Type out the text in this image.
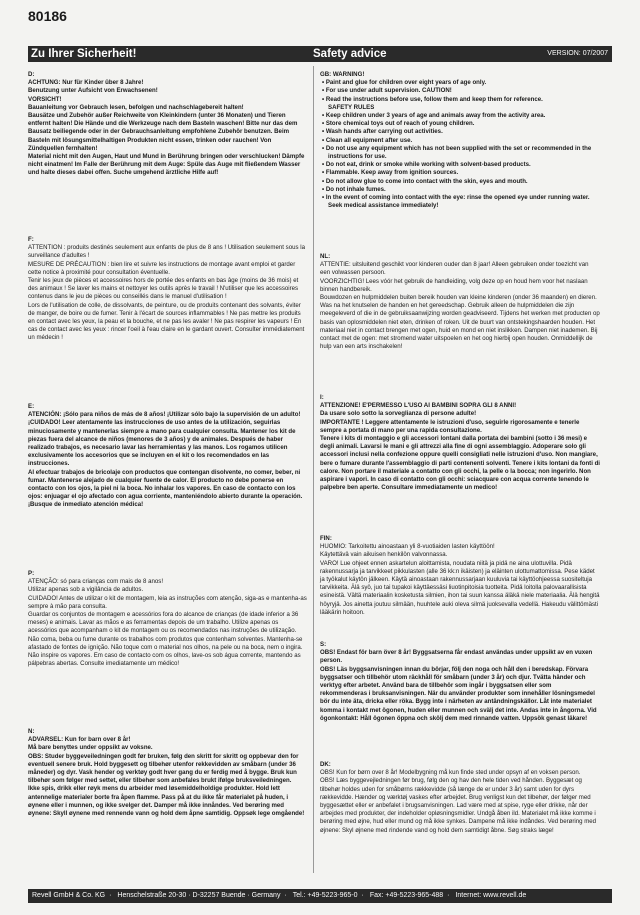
80186
Zu Ihrer Sicherheit!	Safety advice	VERSION: 07/2007

D:

ACHTUNG: Nur für Kinder über 8 Jahre!

Benutzung unter Aufsicht von Erwachsenen!

VORSICHT!

Bauanleitung vor Gebrauch lesen, befolgen und nachschlagebereit halten!

Bausätze und Zubehör außer Reichweite von Kleinkindern (unter 36 Monaten) und Tieren entfernt halten! Die Hände und die Werkzeuge nach dem Basteln waschen! Bitte nur das dem Bausatz beiliegende oder in der Gebrauchsanleitung empfohlene Zubehör benutzen. Beim Basteln mit lösungsmittelhaltigen Produkten nicht essen, trinken oder rauchen! Von Zündquellen fernhalten!

Material nicht mit den Augen, Haut und Mund in Berührung bringen oder verschlucken! Dämpfe nicht einatmen! Im Falle der Berührung mit dem Auge: Spüle das Auge mit fließendem Wasser und halte dieses dabei offen. Suche umgehend ärztliche Hilfe auf!

F:

ATTENTION : produits destinés seulement aux enfants de plus de 8 ans ! Utilisation seulement sous la surveillance d'adultes !

MESURE DE PRÉCAUTION : bien lire et suivre les instructions de montage avant emploi et garder cette notice à proximité pour consultation éventuelle.

Tenir les jeux de pièces et accessoires hors de portée des enfants en bas âge (moins de 36 mois) et des animaux ! Se laver les mains et nettoyer les outils après le travail ! N'utiliser que les accessoires contenus dans le jeu de pièces ou conseillés dans le manuel d'utilisation !

Lors de l'utilisation de colle, de dissolvants, de peinture, ou de produits contenant des solvants, éviter de manger, de boire ou de fumer. Tenir à l'écart de sources inflammables ! Ne pas mettre les produits en contact avec les yeux, la peau et la bouche, et ne pas les avaler ! Ne pas respirer les vapeurs ! En cas de contact avec les yeux : rincer l'oeil à l'eau claire en le gardant ouvert. Consulter immédiatement un médecin !

E:

ATENCIÓN: ¡Sólo para niños de más de 8 años! ¡Utilizar sólo bajo la supervisión de un adulto!

¡CUIDADO! Leer atentamente las instrucciones de uso antes de la utilización, seguirlas minuciosamente y mantenerlas siempre a mano para cualquier consulta. Mantener los kit de piezas fuera del alcance de niños (menores de 3 años) y de animales. Después de haber realizado trabajos, es necesario lavar las herramientas y las manos. Los rogamos utilicen exclusivamente los accesorios que se incluyen en el kit o los recomendados en las instrucciones.

Al efectuar trabajos de bricolaje con productos que contengan disolvente, no comer, beber, ni fumar. Mantenerse alejado de cualquier fuente de calor. El producto no debe ponerse en contacto con los ojos, la piel ni la boca. No inhalar los vapores. En caso de contacto con los ojos: enjuagar el ojo afectado con agua corriente, manteniéndolo abierto durante la operación. ¡Busque de inmediato atención médica!

P:

ATENÇÃO: só para crianças com mais de 8 anos!

Utilizar apenas sob a vigilância de adultos.

CUIDADO! Antes de utilizar o kit de montagem, leia as instruções com atenção, siga-as e mantenha-as sempre à mão para consulta.

Guardar os conjuntos de montagem e acessórios fora do alcance de crianças (de idade inferior a 36 meses) e animais. Lavar as mãos e as ferramentas depois de um trabalho. Utilize apenas os acessórios que acompanham o kit de montagem ou os recomendados nas instruções de utilização. Não coma, beba ou fume durante os trabalhos com produtos que contenham solventes. Mantenha-se afastado de fontes de ignição. Não toque com o material nos olhos, na pele ou na boca, nem o ingira. Não inspire os vapores. Em caso de contacto com os olhos, lave-os sob água corrente, mantendo as pálpebras abertas. Consulte imediatamente um médico!

N:

ADVARSEL: Kun for barn over 8 år!

Må bare benyttes under oppsikt av voksne.

OBS: Studer byggeveiledningen godt før bruken, følg den skritt for skritt og oppbevar den for eventuell senere bruk. Hold byggesett og tilbehør utenfor rekkevidden av småbarn (under 36 måneder) og dyr. Vask hender og verktøy godt hver gang du er ferdig med å bygge. Bruk kun tilbehør som følger med settet, eller tilbehør som anbefales brukt ifølge bruksveiledningen.

Ikke spis, drikk eller røyk mens du arbeider med løsemiddelholdige produkter. Hold lett antennelige materialer borte fra åpen flamme. Pass på at du ikke får materialet på huden, i øynene eller i munnen, og ikke svelger det. Damper må ikke innåndes. Ved berøring med øynene: Skyll øynene med rennende vann og hold dem åpne samtidig. Oppsøk lege omgående!

GB: WARNING!

• Paint and glue for children over eight years of age only.
• For use under adult supervision. CAUTION!
• Read the instructions before use, follow them and keep them for reference.

SAFETY RULES

• Keep children under 3 years of age and animals away from the activity area.
• Store chemical toys out of reach of young children.
• Wash hands after carrying out activities.
• Clean all equipment after use.
• Do not use any equipment which has not been supplied with the set or recommended in the instructions for use.
• Do not eat, drink or smoke while working with solvent-based products.
• Flammable. Keep away from ignition sources.
• Do not allow glue to come into contact with the skin, eyes and mouth.
• Do not inhale fumes.
• In the event of coming into contact with the eye: rinse the opened eye under running water. Seek medical assistance immediately!

NL:

ATTENTIE: uitsluitend geschikt voor kinderen ouder dan 8 jaar! Alleen gebruiken onder toezicht van een volwassen persoon.

VOORZICHTIG! Lees vóór het gebruik de handleiding, volg deze op en houd hem voor het naslaan binnen handbereik.

Bouwdozen en hulpmiddelen buiten bereik houden van kleine kinderen (onder 36 maanden) en dieren. Was na het knutselen de handen en het gereedschap. Gebruik alleen de hulpmiddelen die zijn meegeleverd of die in de gebruiksaanwijzing worden geadviseerd. Tijdens het werken met producten op basis van oplosmiddelen niet eten, drinken of roken. Uit de buurt van ontstekingshaarden houden. Het materiaal niet in contact brengen met ogen, huid en mond en niet inslikken. Dampen niet inademen. Bij contact met de ogen: met stromend water uitspoelen en het oog hierbij open houden. Onmiddellijk de hulp van een arts inschakelen!

I:

ATTENZIONE! E'PERMESSO L'USO AI BAMBINI SOPRA GLI 8 ANNI!

Da usare solo sotto la sorveglianza di persone adulte!

IMPORTANTE ! Leggere attentamente le istruzioni d'uso, seguirle rigorosamente e tenerle sempre a portata di mano per una rapida consultazione.

Tenere i kits di montaggio e gli accessori lontani dalla portata dei bambini (sotto i 36 mesi) e degli animali. Lavarsi le mani e gli attrezzi alla fine di ogni assemblaggio. Adoperare solo gli accessori inclusi nella confezione oppure quelli consigliati nelle istruzioni d'uso. Non mangiare, bere o fumare durante l'assemblaggio di parti contenenti solventi. Tenere i kits lontani da fonti di calore. Non portare il materiale a contatto con gli occhi, la pelle o la bocca; non ingerirlo. Non aspirare i vapori. In caso di contatto con gli occhi: sciacquare con acqua corrente tenendo le palpebre ben aperte. Consultare immediatamente un medico!

FIN:

HUOMIO: Tarkoitettu ainoastaan yli 8-vuotiaiden lasten käyttöön!

Käytettävä vain aikuisen henkilön valvonnassa.

VARO! Lue ohjeet ennen askartelun aloittamista, noudata niitä ja pidä ne aina ulottuvilla. Pidä rakennussarja ja tarvikkeet pikkulasten (alle 36 kk:n ikäisten) ja eläinten ulottumattomissa. Pese kädet ja työkalut käytön jälkeen. Käytä ainoastaan rakennussarjaan kuuluvia tai käyttöohjeessa suositeltuja tarvikkeita. Älä syö, juo tai tupakoi käyttäessäsi liuotinpitoisia tuotteita. Pidä loitolla palovaarallisista esineistä. Vältä materiaalin kosketusta silmien, ihon tai suun kanssa äläkä niele materiaalia. Älä hengitä höyryjä. Jos ainetta joutuu silmään, huuhtele auki oleva silmä juoksevalla vedellä. Hakeudu välittömästi lääkärin hoitoon.

S:

OBS! Endast för barn över 8 år! Byggsatserna får endast användas under uppsikt av en vuxen person.

OBS! Läs byggsanvisningen innan du börjar, följ den noga och håll den i beredskap. Förvara byggsatser och tillbehör utom räckhåll för småbarn (under 3 år) och djur. Tvätta händer och verktyg efter arbetet. Använd bara de tillbehör som ingår i byggsatsen eller som rekommenderas i bruksanvisningen. När du använder produkter som innehåller lösningsmedel bör du inte äta, dricka eller röka. Bygg inte i närheten av antändningskällor. Låt inte materialet komma i kontakt met ögonen, huden eller munnen och svälj det inte. Andas inte in ångorna. Vid ögonkontakt: Håll ögonen öppna och skölj dem med rinnande vatten. Uppsök genast läkare!

DK:

OBS! Kun for børn over 8 år! Modelbygning må kun finde sted under opsyn af en voksen person.

OBS! Læs byggevejledningen før brug, følg den og hav den hele tiden ved hånden. Byggesæt og tilbehør holdes uden for småbørns rækkevidde (så længe de er under 3 år) samt uden for dyrs rækkevidde. Hænder og værktøj vaskes efter arbejdet. Brug venligst kun det tilbehør, der følger med byggesættet eller er anbefalet i brugsanvisningen. Lad være med at spise, ryge eller drikke, når der arbejdes med produkter, der indeholder opløsningsmidler. Undgå åben ild. Materialet må ikke komme i berøring med øjne, hud eller mund og må ikke synkes. Dampene må ikke indåndes. Ved berøring med øjnene: Skyl øjnene med rindende vand og hold dem samtidigt åbne. Søg straks læge!

Revell GmbH & Co. KG · Henschelstraße 20-30 · D-32257 Buende · Germany · Tel.: +49-5223-965-0 · Fax: +49-5223-965-488 · Internet: www.revell.de
